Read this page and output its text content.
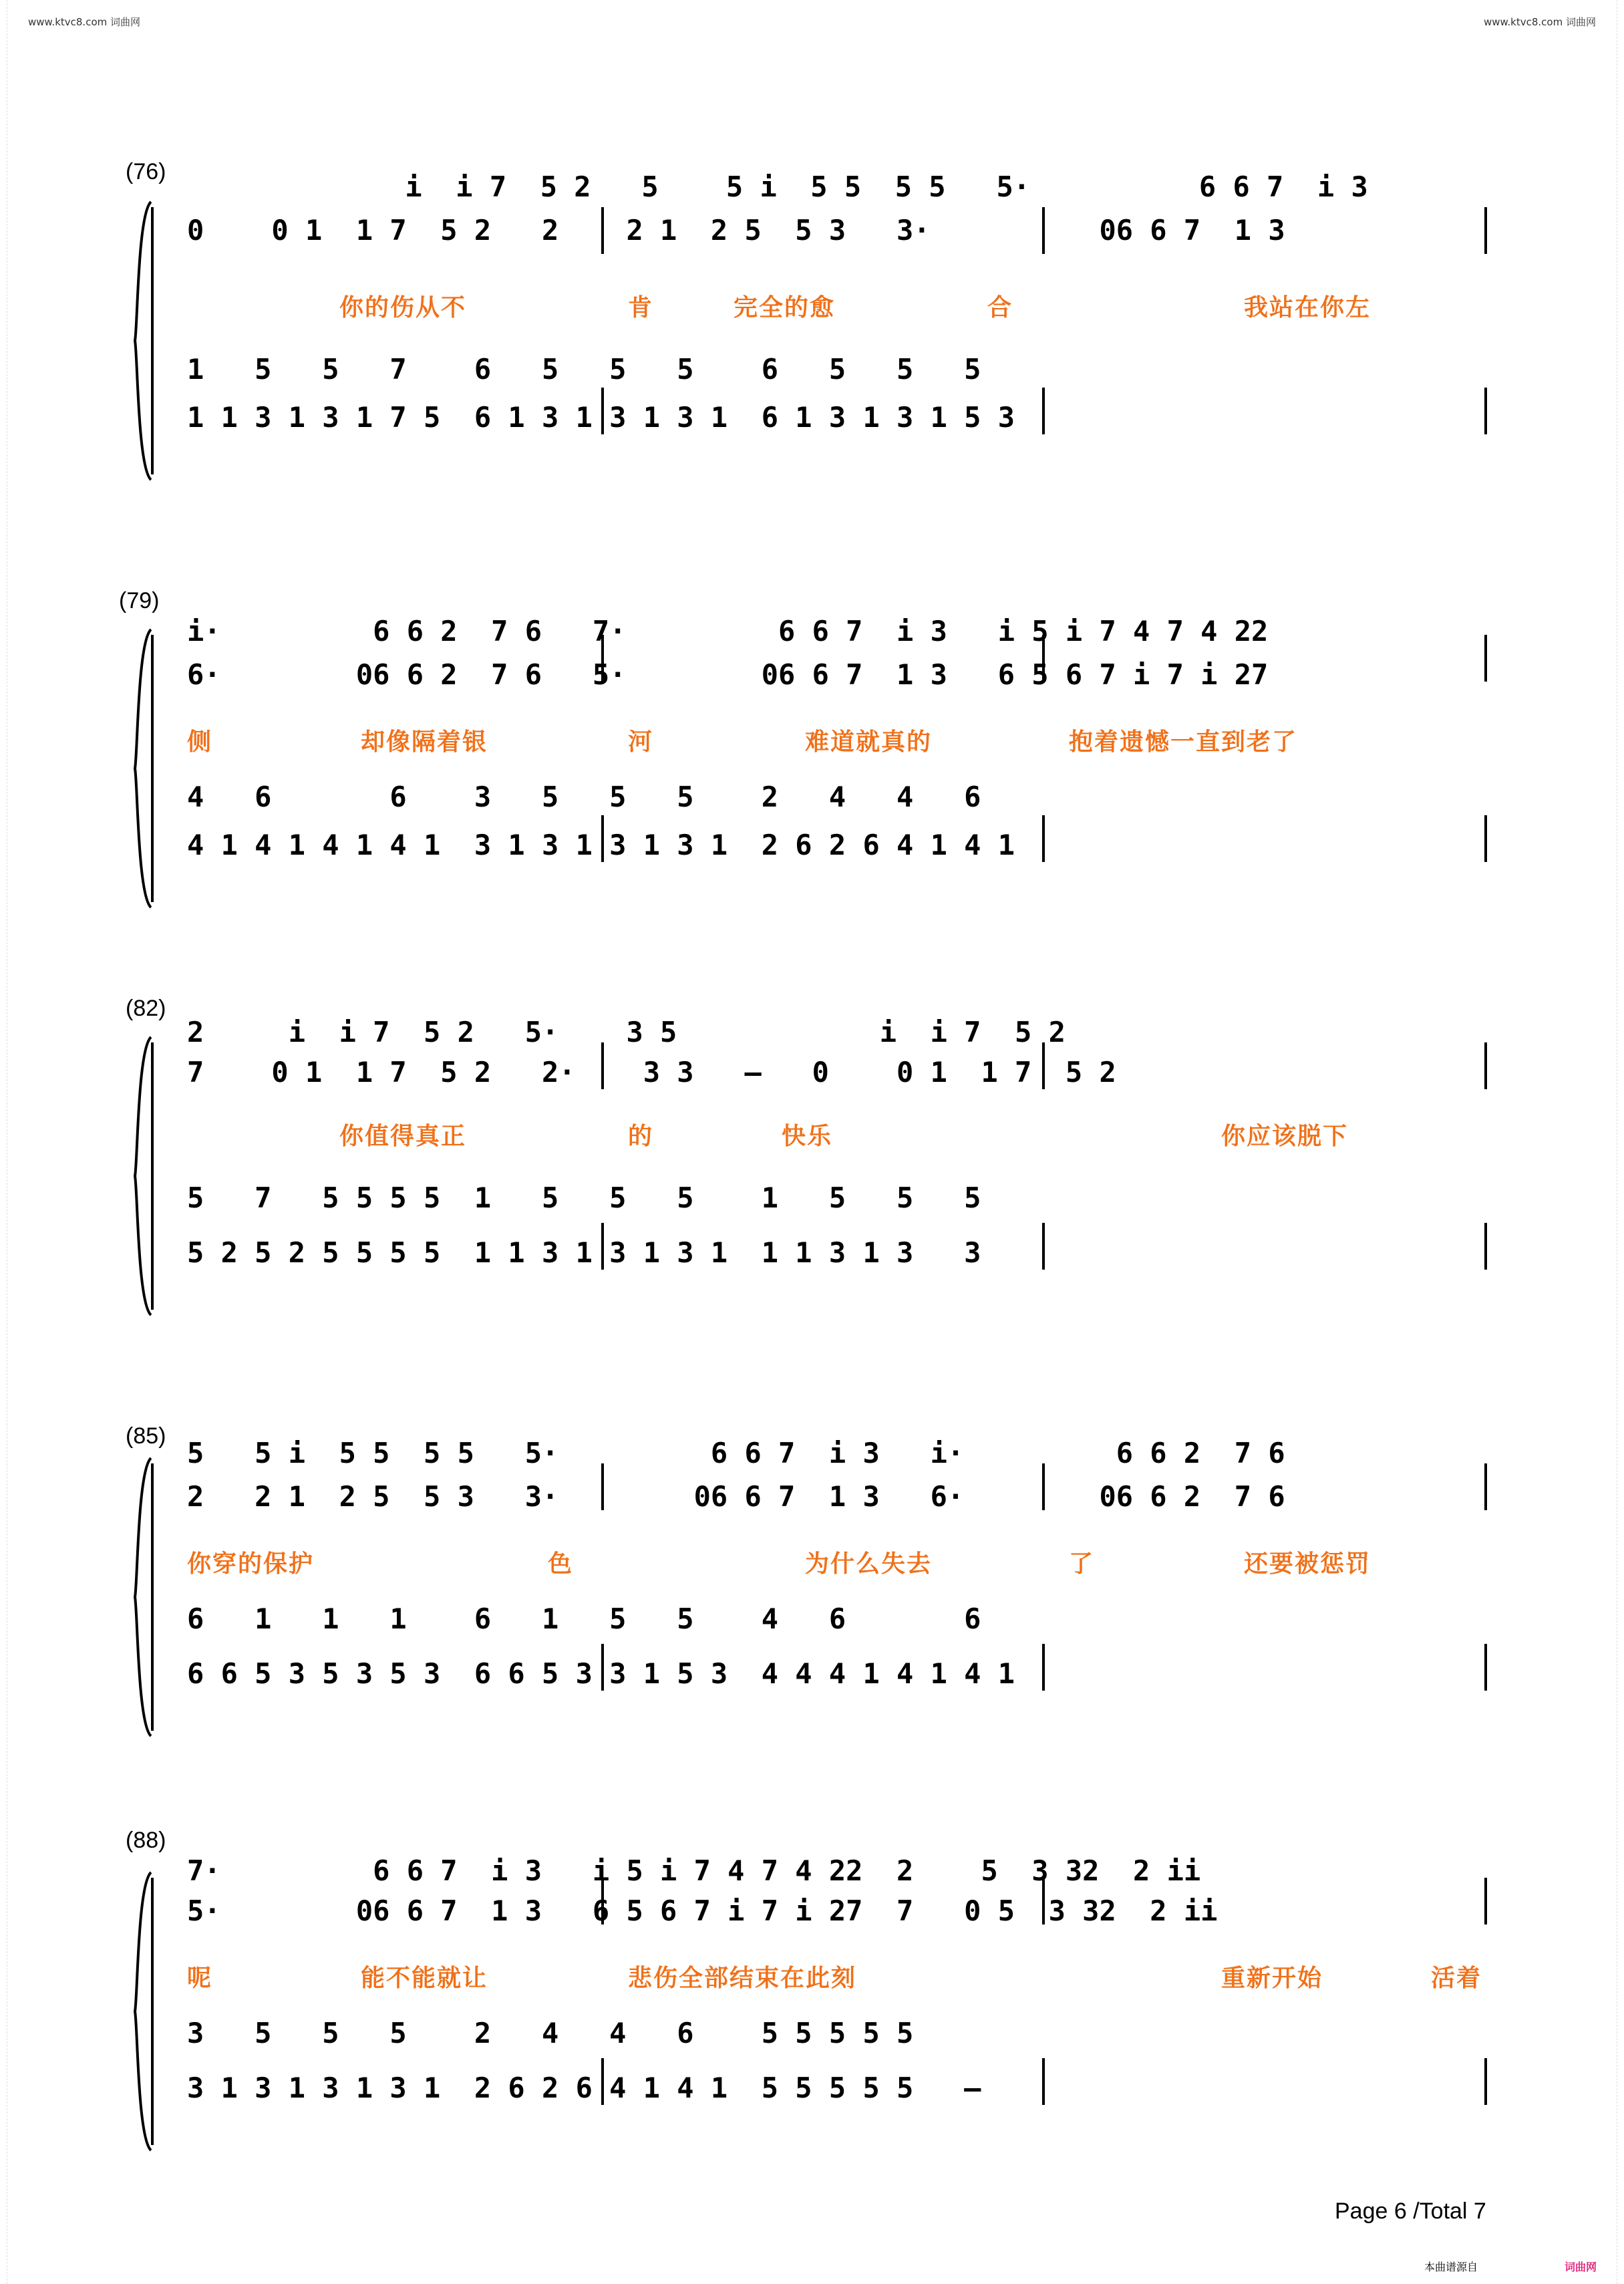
www.ktvc8.com 词曲网	www.ktvc8.com 词曲网
(76)
0    0 1  1 7  5 2   2    2 1  2 5  5 3   3·          06 6 7  1 3
i  i 7  5 2   5    5 i  5 5  5 5   5·          6 6 7  i 3
你的伤从不	肯	完全的愈	合	我站在你左
1   5   5   7    6   5   5   5    6   5   5   5
1 1 3 1 3 1 7 5  6 1 3 1 3 1 3 1  6 1 3 1 3 1 5 3
(79)
6·        06 6 2  7 6   5·        06 6 7  1 3   6 5 6 7 i 7 i 27
i·         6 6 2  7 6   7·         6 6 7  i 3   i 5 i 7 4 7 4 22
侧	却像隔着银	河	难道就真的	抱着遗憾一直到老了
4   6       6    3   5   5   5    2   4   4   6
4 1 4 1 4 1 4 1  3 1 3 1 3 1 3 1  2 6 2 6 4 1 4 1
(82)
7    0 1  1 7  5 2   2·    3 3   –   0    0 1  1 7  5 2
2     i  i 7  5 2   5·    3 5            i  i 7  5 2
你值得真正	的	快乐	你应该脱下
5   7   5 5 5 5  1   5   5   5    1   5   5   5
5 2 5 2 5 5 5 5  1 1 3 1 3 1 3 1  1 1 3 1 3   3
(85)
2   2 1  2 5  5 3   3·        06 6 7  1 3   6·        06 6 2  7 6
5   5 i  5 5  5 5   5·         6 6 7  i 3   i·         6 6 2  7 6
你穿的保护	色	为什么失去	了	还要被惩罚
6   1   1   1    6   1   5   5    4   6       6
6 6 5 3 5 3 5 3  6 6 5 3 3 1 5 3  4 4 4 1 4 1 4 1
(88)
5·        06 6 7  1 3   6 5 6 7 i 7 i 27  7   0 5  3 32  2 ii
7·         6 6 7  i 3   i 5 i 7 4 7 4 22  2    5  3 32  2 ii
呢	能不能就让	悲伤全部结束在此刻	重新开始	活着
3   5   5   5    2   4   4   6    5 5 5 5 5
3 1 3 1 3 1 3 1  2 6 2 6 4 1 4 1  5 5 5 5 5   –
Page 6 /Total 7
本曲谱源自	词曲网
